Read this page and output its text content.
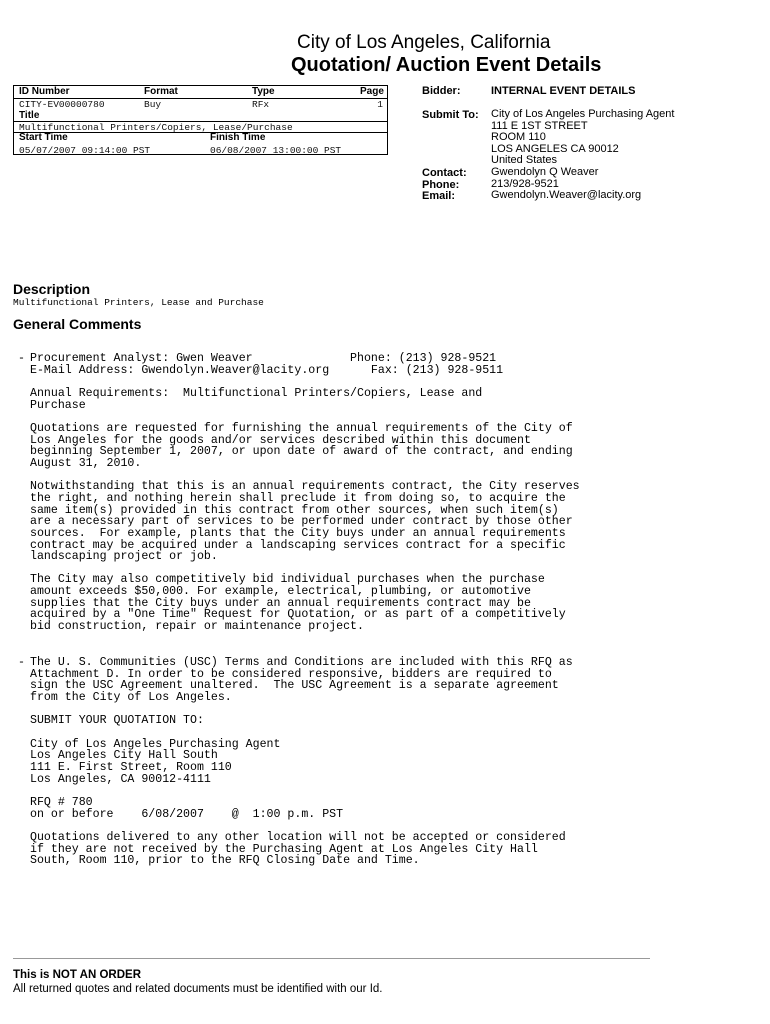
City of Los Angeles, California
Quotation/ Auction Event Details
ID Number	Format	Type	Page
CITY-EV00000780	Buy	RFx	1
Title
Multifunctional Printers/Copiers, Lease/Purchase
Start Time	Finish Time
05/07/2007 09:14:00 PST	06/08/2007 13:00:00 PST
Bidder:	INTERNAL EVENT DETAILS
Submit To: City of Los Angeles Purchasing Agent
111 E 1ST STREET
ROOM 110
LOS ANGELES CA 90012
United States
Contact: Gwendolyn Q Weaver
Phone:	213/928-9521
Email:	Gwendolyn.Weaver@lacity.org
Description
Multifunctional Printers, Lease and Purchase
General Comments
- Procurement Analyst: Gwen Weaver              Phone: (213) 928-9521
E-Mail Address: Gwendolyn.Weaver@lacity.org      Fax: (213) 928-9511

Annual Requirements:  Multifunctional Printers/Copiers, Lease and
Purchase

Quotations are requested for furnishing the annual requirements of the City of
Los Angeles for the goods and/or services described within this document
beginning September 1, 2007, or upon date of award of the contract, and ending
August 31, 2010.

Notwithstanding that this is an annual requirements contract, the City reserves
the right, and nothing herein shall preclude it from doing so, to acquire the
same item(s) provided in this contract from other sources, when such item(s)
are a necessary part of services to be performed under contract by those other
sources.  For example, plants that the City buys under an annual requirements
contract may be acquired under a landscaping services contract for a specific
landscaping project or job.

The City may also competitively bid individual purchases when the purchase
amount exceeds $50,000. For example, electrical, plumbing, or automotive
supplies that the City buys under an annual requirements contract may be
acquired by a "One Time" Request for Quotation, or as part of a competitively
bid construction, repair or maintenance project.
- The U. S. Communities (USC) Terms and Conditions are included with this RFQ as
Attachment D. In order to be considered responsive, bidders are required to
sign the USC Agreement unaltered.  The USC Agreement is a separate agreement
from the City of Los Angeles.

SUBMIT YOUR QUOTATION TO:

City of Los Angeles Purchasing Agent
Los Angeles City Hall South
111 E. First Street, Room 110
Los Angeles, CA 90012-4111

RFQ # 780
on or before    6/08/2007    @  1:00 p.m. PST

Quotations delivered to any other location will not be accepted or considered
if they are not received by the Purchasing Agent at Los Angeles City Hall
South, Room 110, prior to the RFQ Closing Date and Time.
This is NOT AN ORDER
All returned quotes and related documents must be identified with our Id.
